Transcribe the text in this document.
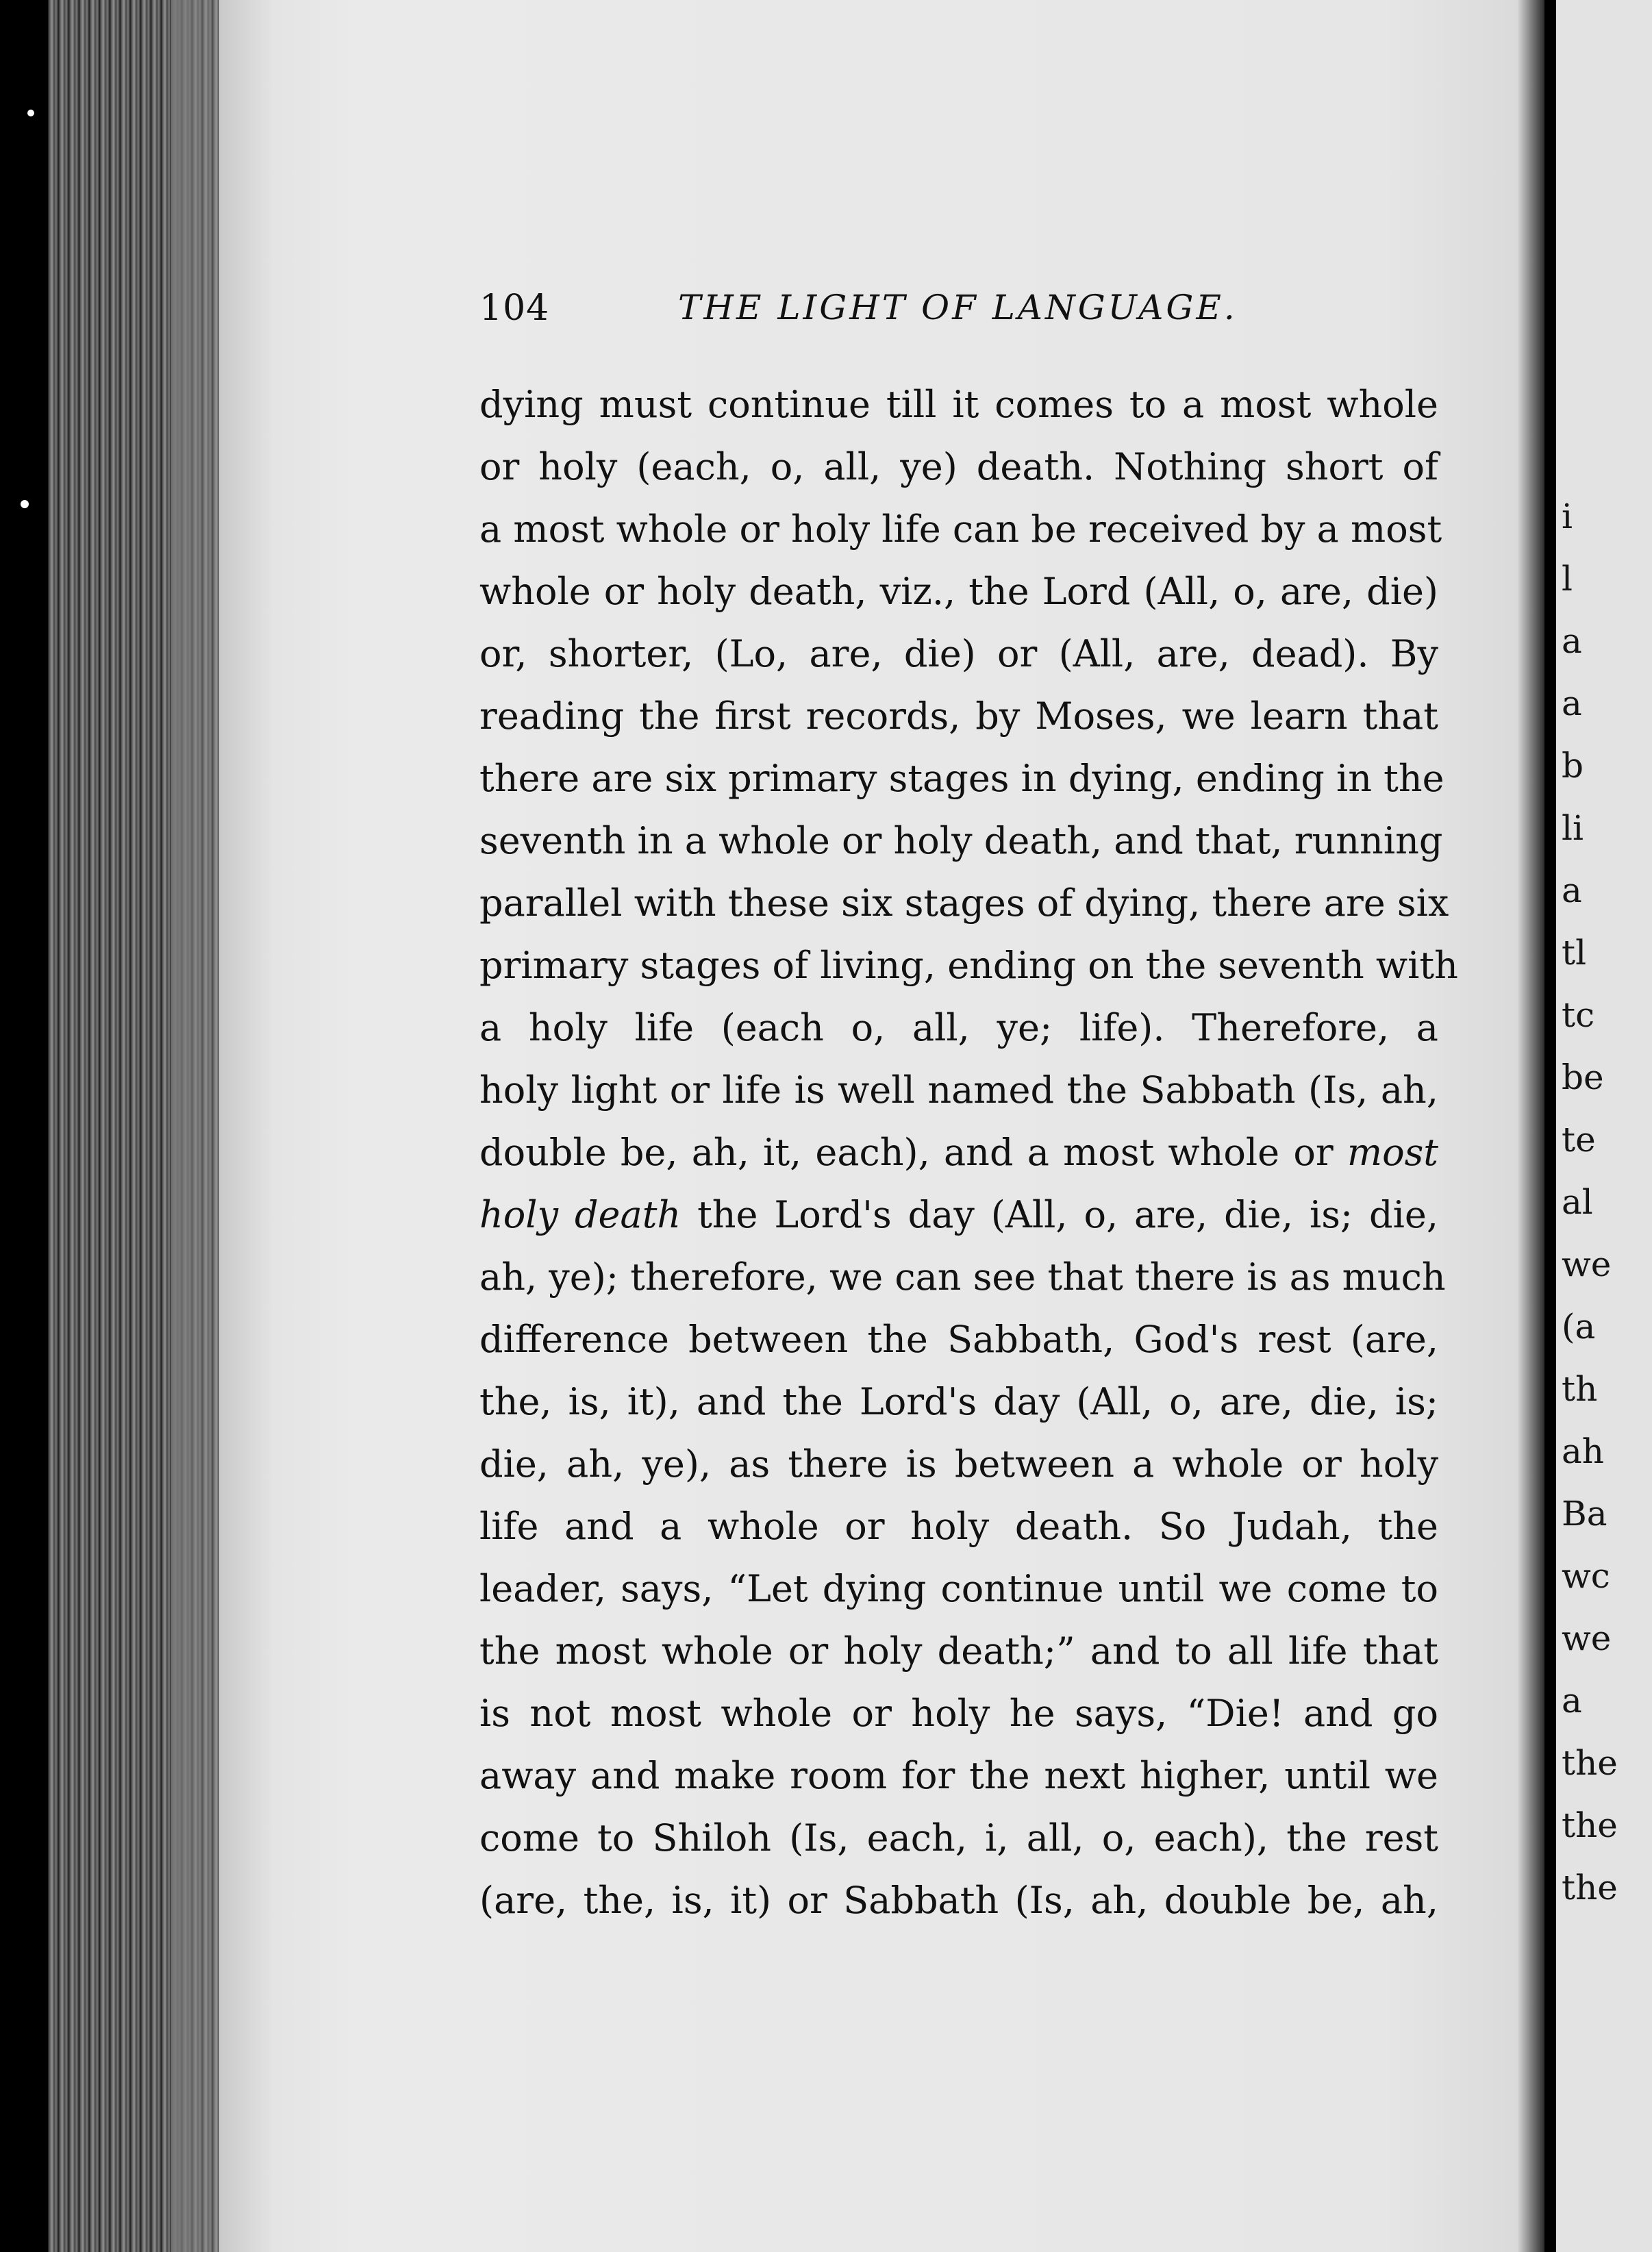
i
l
a
a
b
li
a
tl
tc
be
te
al
we
(a
th
ah
Ba
wc
we
a
the
the
the
104	THE LIGHT OF LANGUAGE.
dying must continue till it comes to a most whole
or holy (each, o, all, ye) death. Nothing short of
a most whole or holy life can be received by a most
whole or holy death, viz., the Lord (All, o, are, die)
or, shorter, (Lo, are, die) or (All, are, dead). By
reading the first records, by Moses, we learn that
there are six primary stages in dying, ending in the
seventh in a whole or holy death, and that, running
parallel with these six stages of dying, there are six
primary stages of living, ending on the seventh with
a holy life (each o, all, ye; life). Therefore, a
holy light or life is well named the Sabbath (Is, ah,
double be, ah, it, each), and a most whole or most
holy death the Lord's day (All, o, are, die, is; die,
ah, ye); therefore, we can see that there is as much
difference between the Sabbath, God's rest (are,
the, is, it), and the Lord's day (All, o, are, die, is;
die, ah, ye), as there is between a whole or holy
life and a whole or holy death. So Judah, the
leader, says, “Let dying continue until we come to
the most whole or holy death;” and to all life that
is not most whole or holy he says, “Die! and go
away and make room for the next higher, until we
come to Shiloh (Is, each, i, all, o, each), the rest
(are, the, is, it) or Sabbath (Is, ah, double be, ah,
